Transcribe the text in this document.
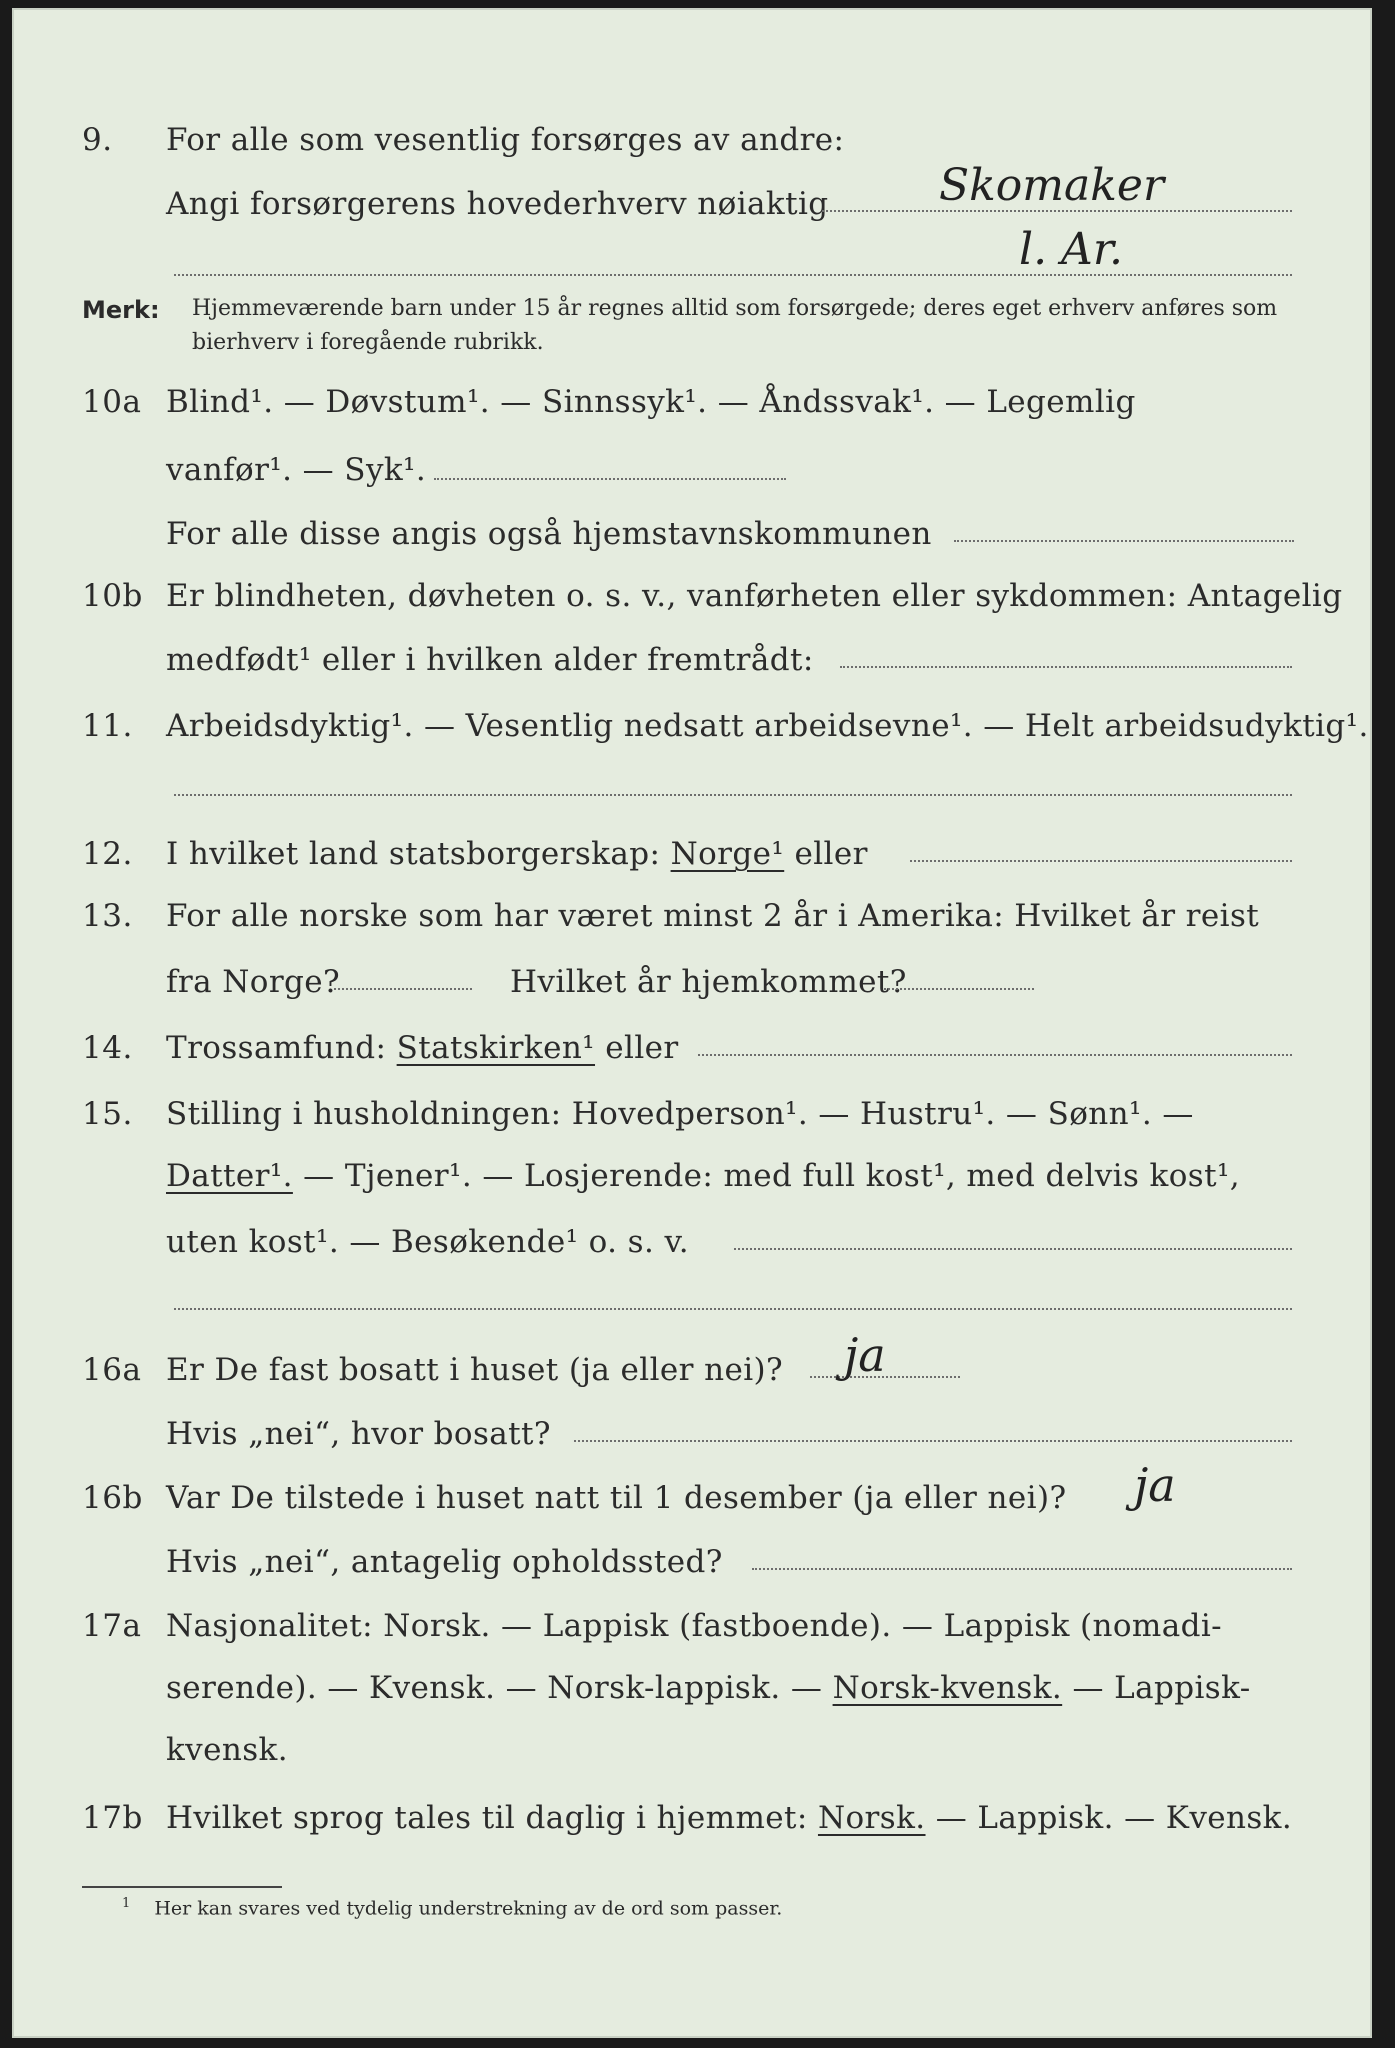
9.	For alle som vesentlig forsørges av andre:
Angi forsørgerens hovederhverv nøiaktig	Skomaker
l. Ar.
Merk: Hjemmeværende barn under 15 år regnes alltid som forsørgede; deres eget erhverv anføres som bierhverv i foregående rubrikk.
10a Blind¹. — Døvstum¹. — Sinnssyk¹. — Åndssvak¹. — Legemlig
vanfør¹. — Syk¹.
For alle disse angis også hjemstavnskommunen
10b Er blindheten, døvheten o. s. v., vanførheten eller sykdommen: Antagelig
medfødt¹ eller i hvilken alder fremtrådt:
11.	Arbeidsdyktig¹. — Vesentlig nedsatt arbeidsevne¹. — Helt arbeidsudyktig¹.
12.	I hvilket land statsborgerskap: Norge¹ eller
13.	For alle norske som har været minst 2 år i Amerika: Hvilket år reist
fra Norge?	Hvilket år hjemkommet?
14.	Trossamfund: Statskirken¹ eller
15.	Stilling i husholdningen: Hovedperson¹. — Hustru¹. — Sønn¹. —
Datter¹. — Tjener¹. — Losjerende: med full kost¹, med delvis kost¹,
uten kost¹. — Besøkende¹ o. s. v.
16a Er De fast bosatt i huset (ja eller nei)? ja
Hvis „nei“, hvor bosatt?
16b Var De tilstede i huset natt til 1 desember (ja eller nei)? ja
Hvis „nei“, antagelig opholdssted?
17a Nasjonalitet: Norsk. — Lappisk (fastboende). — Lappisk (nomadi-
serende). — Kvensk. — Norsk-lappisk. — Norsk-kvensk. — Lappisk-
kvensk.
17b Hvilket sprog tales til daglig i hjemmet: Norsk. — Lappisk. — Kvensk.
$^1$ Her kan svares ved tydelig understrekning av de ord som passer.
